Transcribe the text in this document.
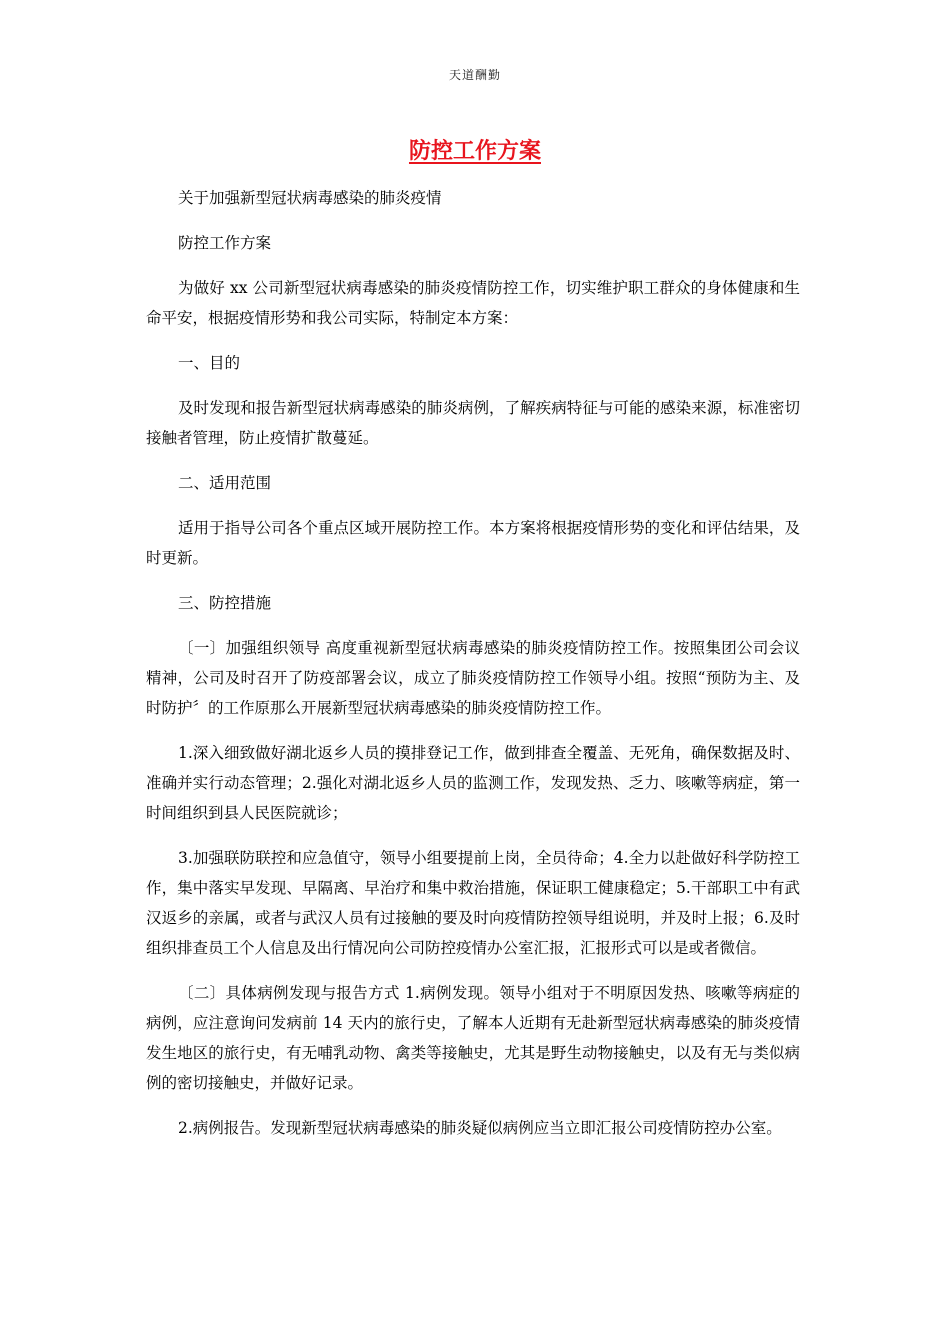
天道酬勤
防控工作方案

关于加强新型冠状病毒感染的肺炎疫情

防控工作方案

为做好 xx 公司新型冠状病毒感染的肺炎疫情防控工作，切实维护职工群众的身体健康和生命平安，根据疫情形势和我公司实际，特制定本方案：

一、目的

及时发现和报告新型冠状病毒感染的肺炎病例，了解疾病特征与可能的感染来源，标准密切接触者管理，防止疫情扩散蔓延。

二、适用范围

适用于指导公司各个重点区域开展防控工作。本方案将根据疫情形势的变化和评估结果，及时更新。

三、防控措施

〔一〕加强组织领导 高度重视新型冠状病毒感染的肺炎疫情防控工作。按照集团公司会议精神，公司及时召开了防疫部署会议，成立了肺炎疫情防控工作领导小组。按照“预防为主、及时防护〞的工作原那么开展新型冠状病毒感染的肺炎疫情防控工作。

1.深入细致做好湖北返乡人员的摸排登记工作，做到排查全覆盖、无死角，确保数据及时、准确并实行动态管理；2.强化对湖北返乡人员的监测工作，发现发热、乏力、咳嗽等病症，第一时间组织到县人民医院就诊；

3.加强联防联控和应急值守，领导小组要提前上岗，全员待命；4.全力以赴做好科学防控工作，集中落实早发现、早隔离、早治疗和集中救治措施，保证职工健康稳定；5.干部职工中有武汉返乡的亲属，或者与武汉人员有过接触的要及时向疫情防控领导组说明，并及时上报；6.及时组织排查员工个人信息及出行情况向公司防控疫情办公室汇报，汇报形式可以是或者微信。

〔二〕具体病例发现与报告方式 1.病例发现。领导小组对于不明原因发热、咳嗽等病症的病例，应注意询问发病前 14 天内的旅行史，了解本人近期有无赴新型冠状病毒感染的肺炎疫情发生地区的旅行史，有无哺乳动物、禽类等接触史，尤其是野生动物接触史，以及有无与类似病例的密切接触史，并做好记录。

2.病例报告。发现新型冠状病毒感染的肺炎疑似病例应当立即汇报公司疫情防控办公室。
